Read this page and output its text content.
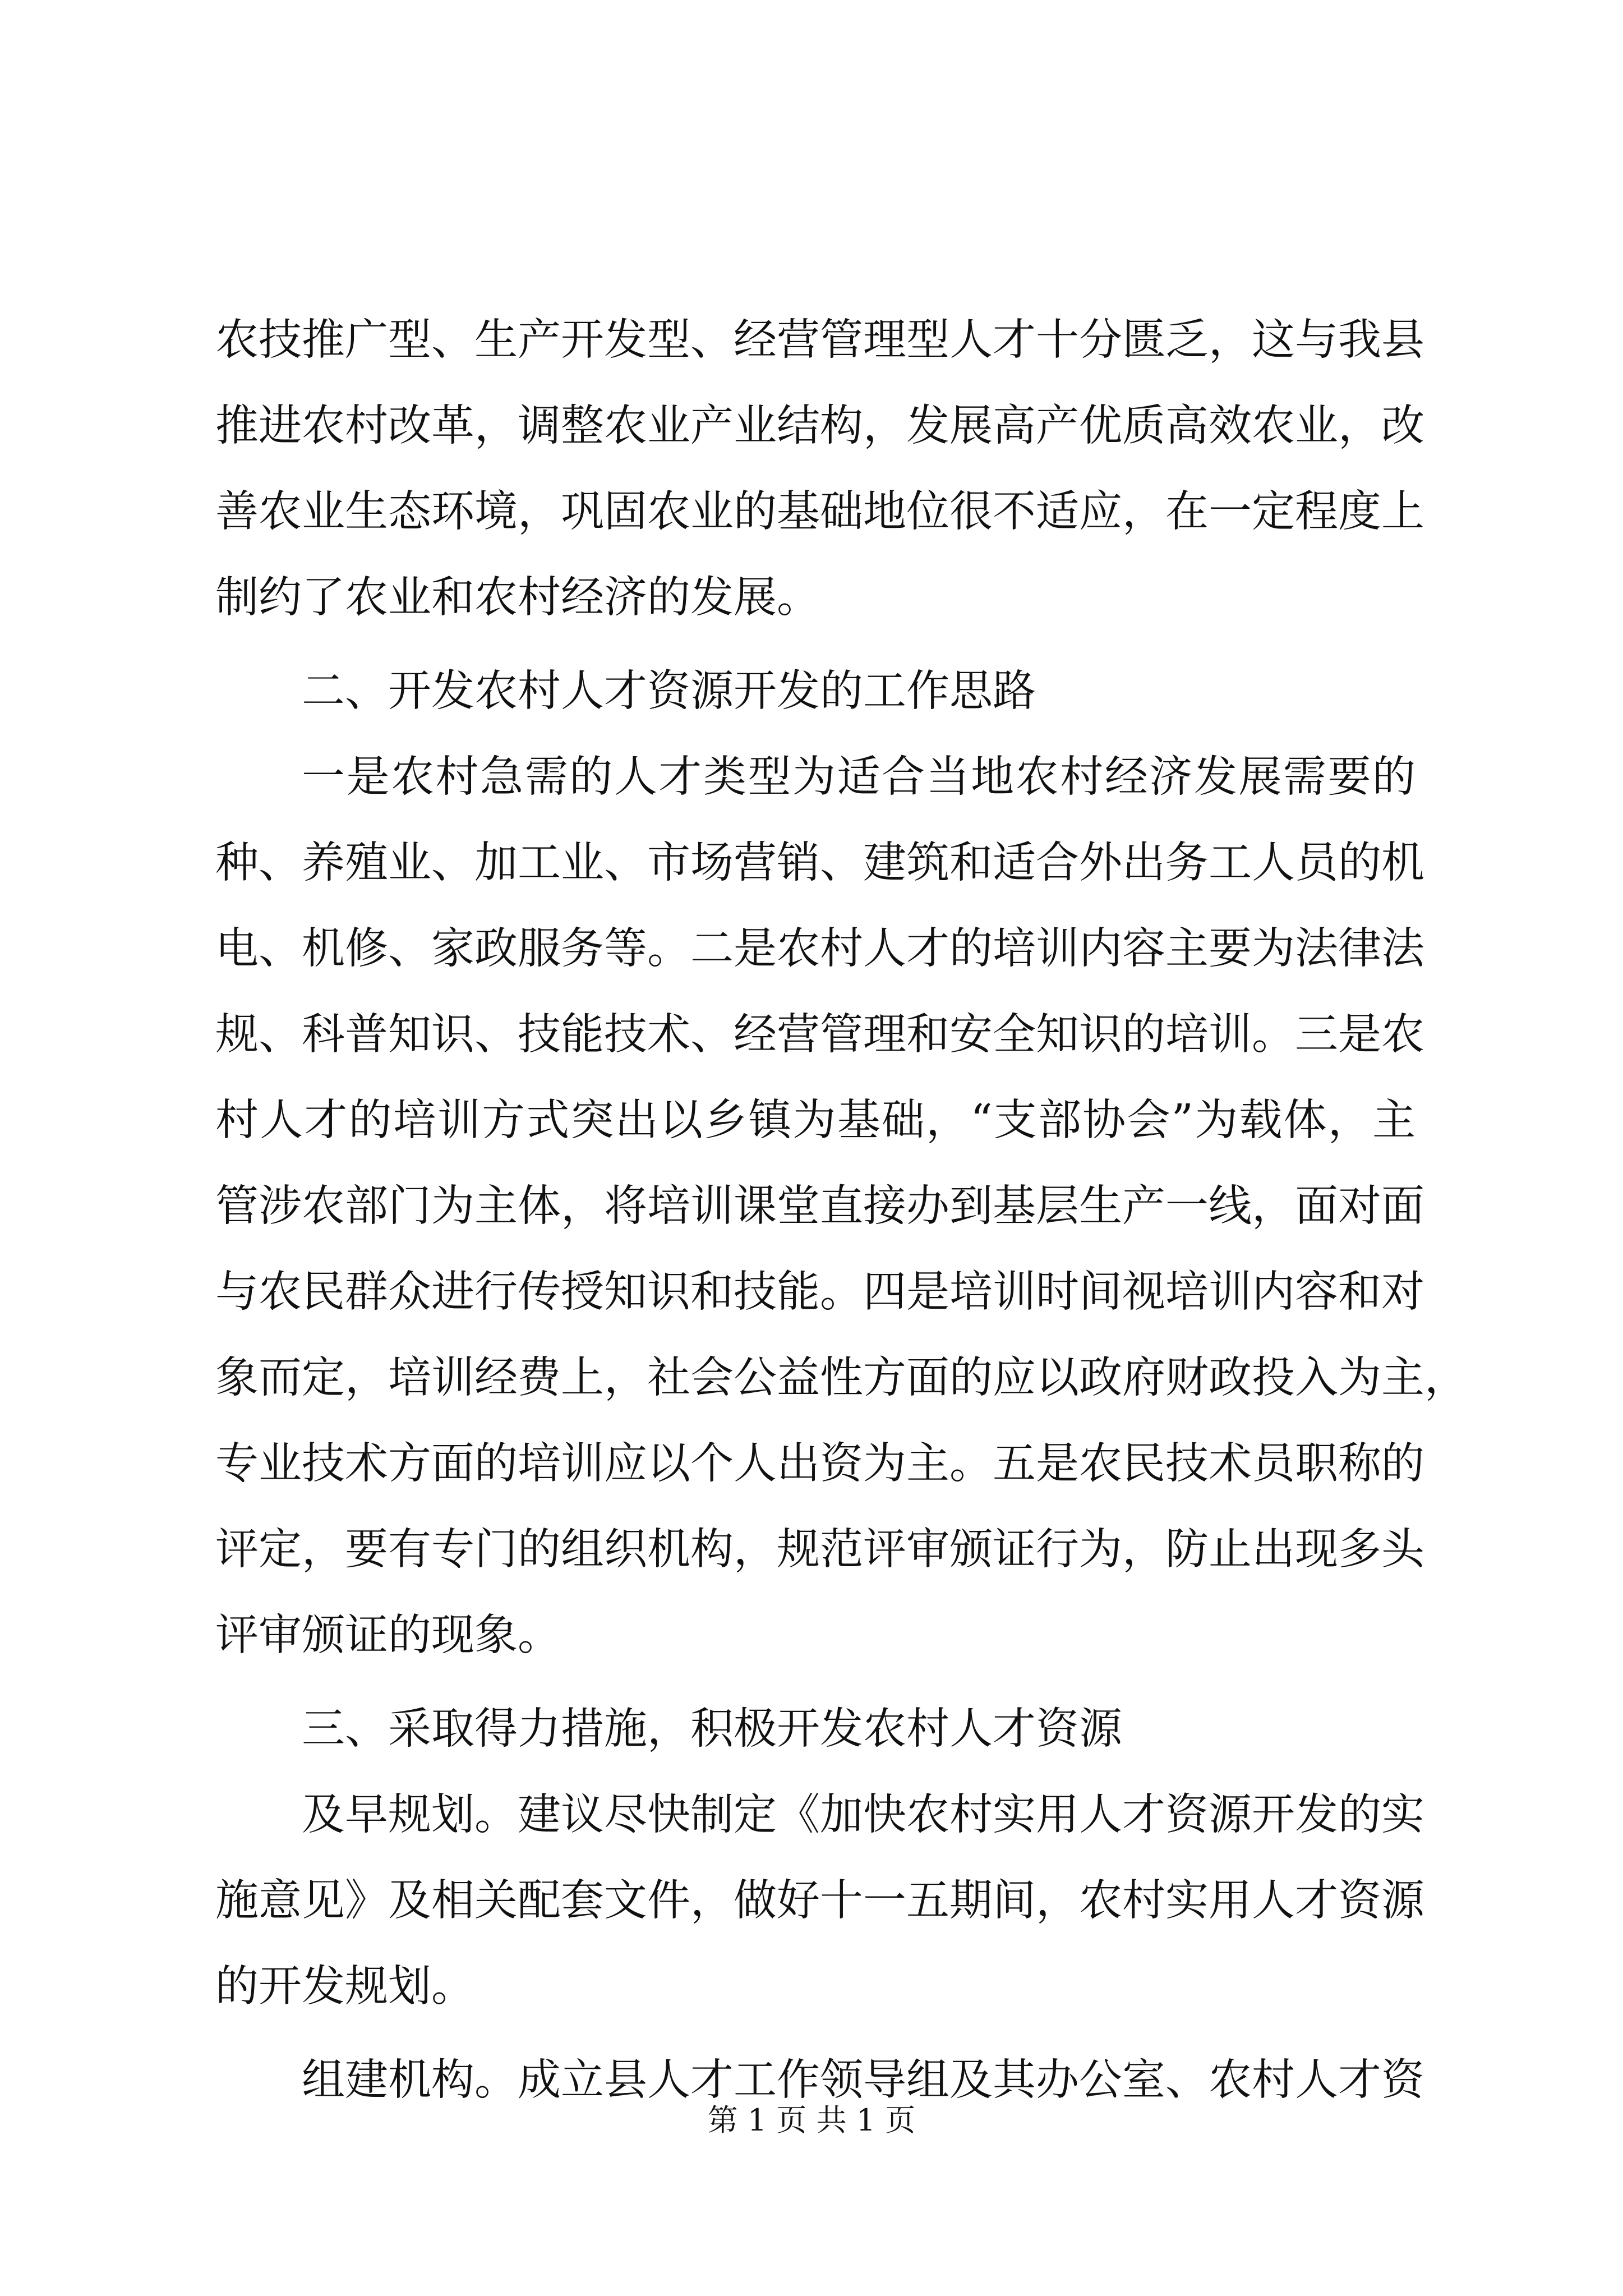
农技推广型、生产开发型、经营管理型人才十分匮乏，这与我县
推进农村改革，调整农业产业结构，发展高产优质高效农业，改
善农业生态环境，巩固农业的基础地位很不适应，在一定程度上
制约了农业和农村经济的发展。
二、开发农村人才资源开发的工作思路
一是农村急需的人才类型为适合当地农村经济发展需要的
种、养殖业、加工业、市场营销、建筑和适合外出务工人员的机
电、机修、家政服务等。二是农村人才的培训内容主要为法律法
规、科普知识、技能技术、经营管理和安全知识的培训。三是农
村人才的培训方式突出以乡镇为基础，“支部协会”为载体，主
管涉农部门为主体，将培训课堂直接办到基层生产一线，面对面
与农民群众进行传授知识和技能。四是培训时间视培训内容和对
象而定，培训经费上，社会公益性方面的应以政府财政投入为主，
专业技术方面的培训应以个人出资为主。五是农民技术员职称的
评定，要有专门的组织机构，规范评审颁证行为，防止出现多头
评审颁证的现象。
三、采取得力措施，积极开发农村人才资源
及早规划。建议尽快制定《加快农村实用人才资源开发的实
施意见》及相关配套文件，做好十一五期间，农村实用人才资源
的开发规划。
组建机构。成立县人才工作领导组及其办公室、农村人才资
第 1 页 共 1 页
